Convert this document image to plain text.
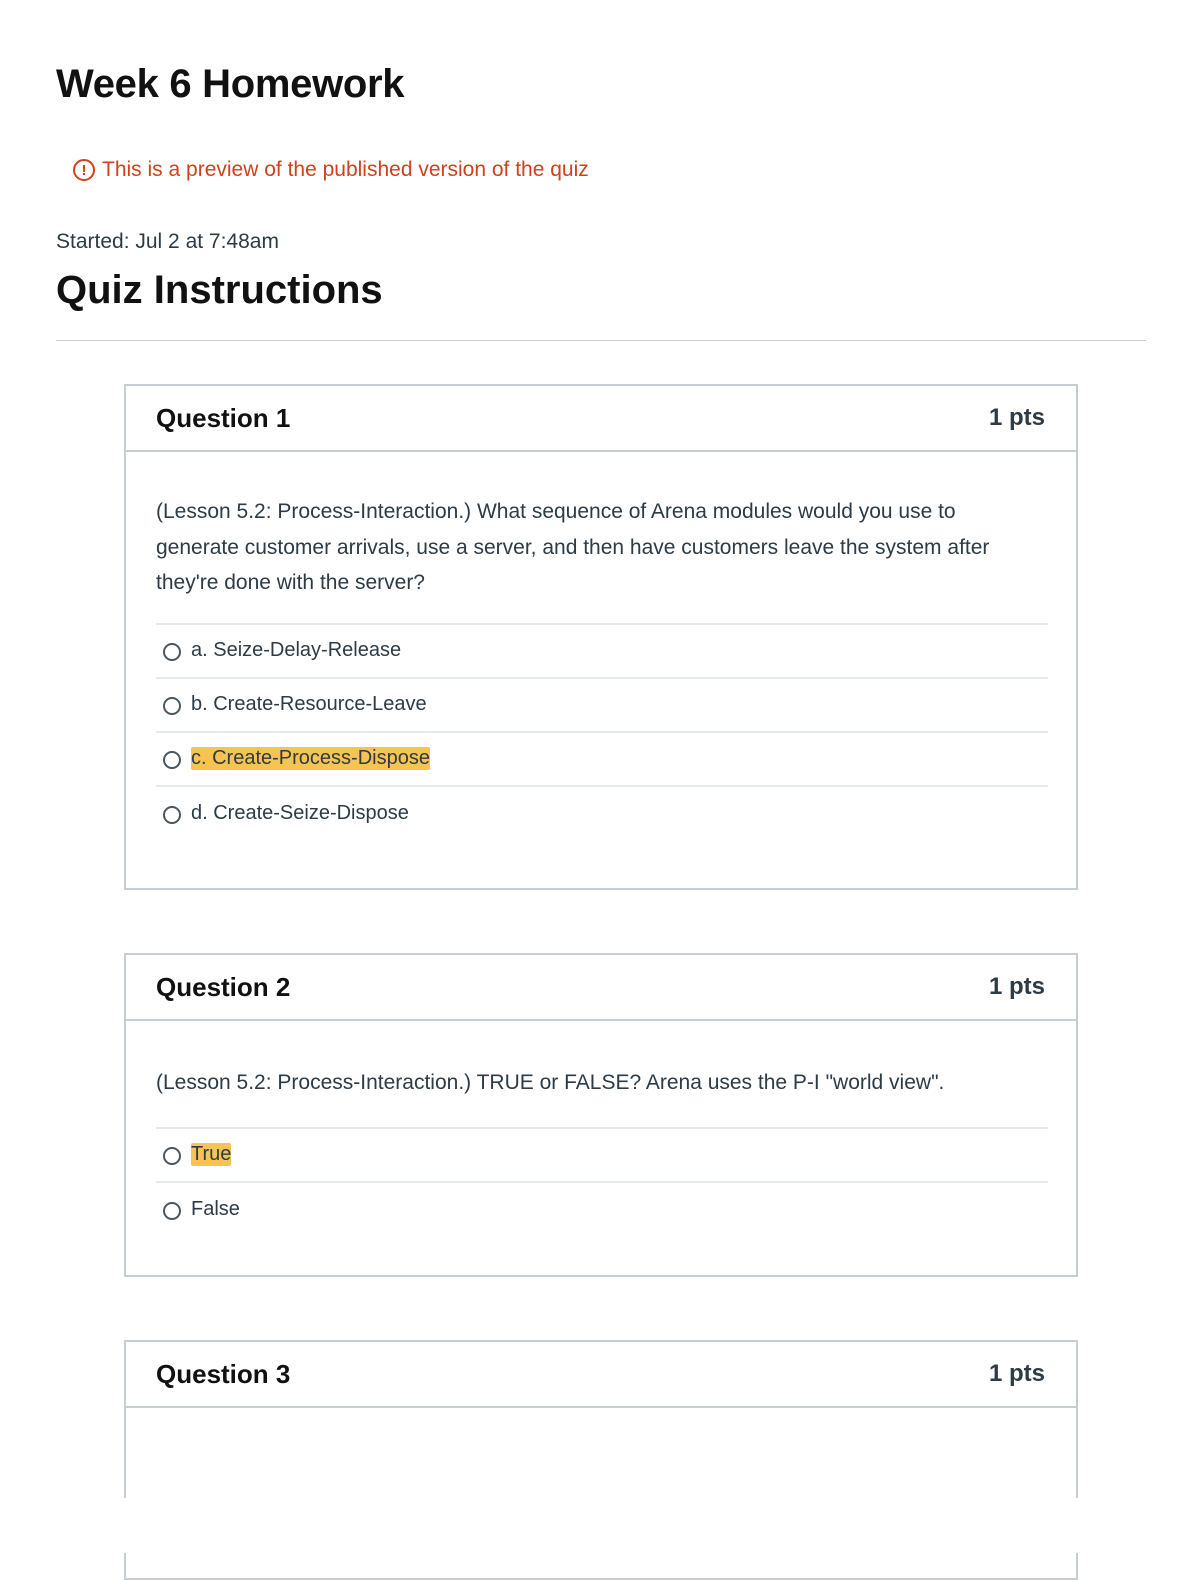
Week 6 Homework
! This is a preview of the published version of the quiz
Started: Jul 2 at 7:48am
Quiz Instructions
Question 1	1 pts

(Lesson 5.2: Process-Interaction.) What sequence of Arena modules would you use to generate customer arrivals, use a server, and then have customers leave the system after they're done with the server?

a. Seize-Delay-Release
b. Create-Resource-Leave
c. Create-Process-Dispose
d. Create-Seize-Dispose
Question 2	1 pts

(Lesson 5.2: Process-Interaction.) TRUE or FALSE? Arena uses the P-I "world view".

True
False
Question 3	1 pts
